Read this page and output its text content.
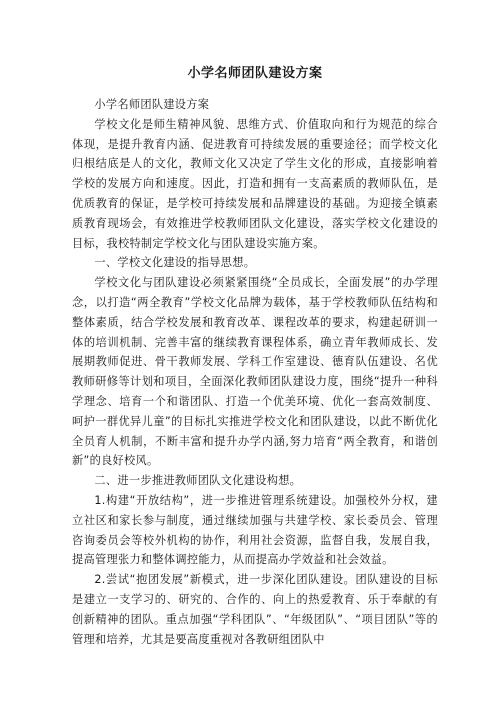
小学名师团队建设方案

小学名师团队建设方案

学校文化是师生精神风貌、思维方式、价值取向和行为规范的综合体现，是提升教育内涵、促进教育可持续发展的重要途径；而学校文化归根结底是人的文化，教师文化又决定了学生文化的形成，直接影响着学校的发展方向和速度。因此，打造和拥有一支高素质的教师队伍，是优质教育的保证，是学校可持续发展和品牌建设的基础。为迎接全镇素质教育现场会，有效推进学校教师团队文化建设，落实学校文化建设的目标，我校特制定学校文化与团队建设实施方案。

一、学校文化建设的指导思想。

学校文化与团队建设必须紧紧围绕“全员成长，全面发展”的办学理念，以打造“两全教育”学校文化品牌为载体，基于学校教师队伍结构和整体素质，结合学校发展和教育改革、课程改革的要求，构建起研训一体的培训机制、完善丰富的继续教育课程体系，确立青年教师成长、发展期教师促进、骨干教师发展、学科工作室建设、德育队伍建设、名优教师研修等计划和项目，全面深化教师团队建设力度，围绕“提升一种科学理念、培育一个和谐团队、打造一个优美环境、优化一套高效制度、呵护一群优异儿童”的目标扎实推进学校文化和团队建设，以此不断优化全员育人机制，不断丰富和提升办学内涵,努力培育“两全教育，和谐创新”的良好校风。

二、进一步推进教师团队文化建设构想。

1.构建“开放结构”，进一步推进管理系统建设。加强校外分权，建立社区和家长参与制度，通过继续加强与共建学校、家长委员会、管理咨询委员会等校外机构的协作，利用社会资源，监督自我，发展自我，提高管理张力和整体调控能力，从而提高办学效益和社会效益。

2.尝试“抱团发展”新模式，进一步深化团队建设。团队建设的目标是建立一支学习的、研究的、合作的、向上的热爱教育、乐于奉献的有创新精神的团队。重点加强“学科团队”、“年级团队”、“项目团队”等的管理和培养，尤其是要高度重视对各教研组团队中
